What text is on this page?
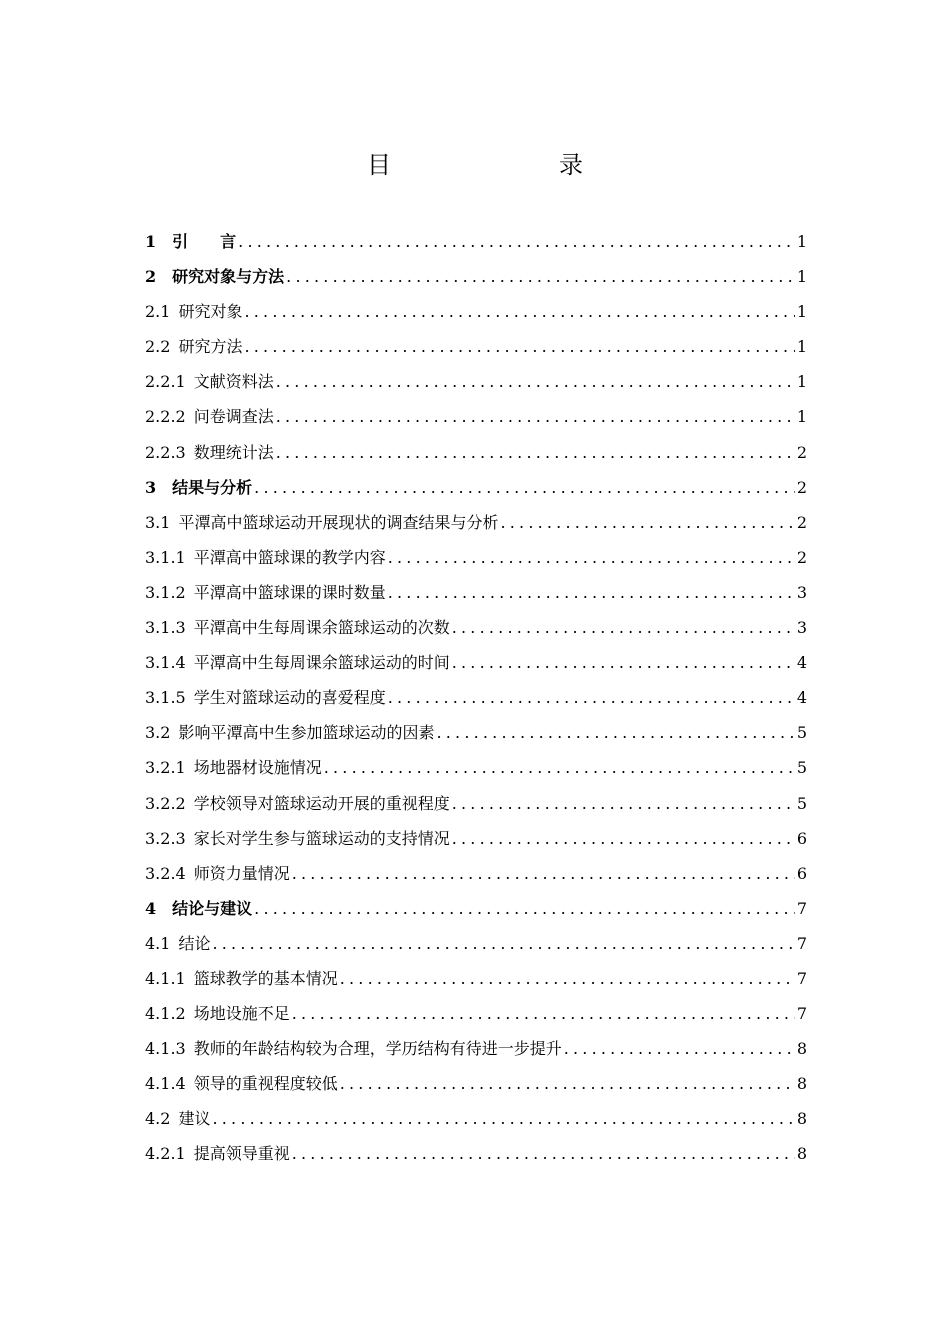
目　　录
1 引　　言 .....	1
2 研究对象与方法 .....	1
2.1 研究对象 .....	1
2.2 研究方法 .....	1
2.2.1 文献资料法 .....	1
2.2.2 问卷调查法 .....	1
2.2.3 数理统计法 .....	2
3 结果与分析 .....	2
3.1 平潭高中篮球运动开展现状的调查结果与分析 .....	2
3.1.1 平潭高中篮球课的教学内容 .....	2
3.1.2 平潭高中篮球课的课时数量 .....	3
3.1.3 平潭高中生每周课余篮球运动的次数 .....	3
3.1.4 平潭高中生每周课余篮球运动的时间 .....	4
3.1.5 学生对篮球运动的喜爱程度 .....	4
3.2 影响平潭高中生参加篮球运动的因素 .....	5
3.2.1 场地器材设施情况 .....	5
3.2.2 学校领导对篮球运动开展的重视程度 .....	5
3.2.3 家长对学生参与篮球运动的支持情况 .....	6
3.2.4 师资力量情况 .....	6
4 结论与建议 .....	7
4.1 结论 .....	7
4.1.1 篮球教学的基本情况 .....	7
4.1.2 场地设施不足 .....	7
4.1.3 教师的年龄结构较为合理，学历结构有待进一步提升 .....	8
4.1.4 领导的重视程度较低 .....	8
4.2 建议 .....	8
4.2.1 提高领导重视 .....	8
